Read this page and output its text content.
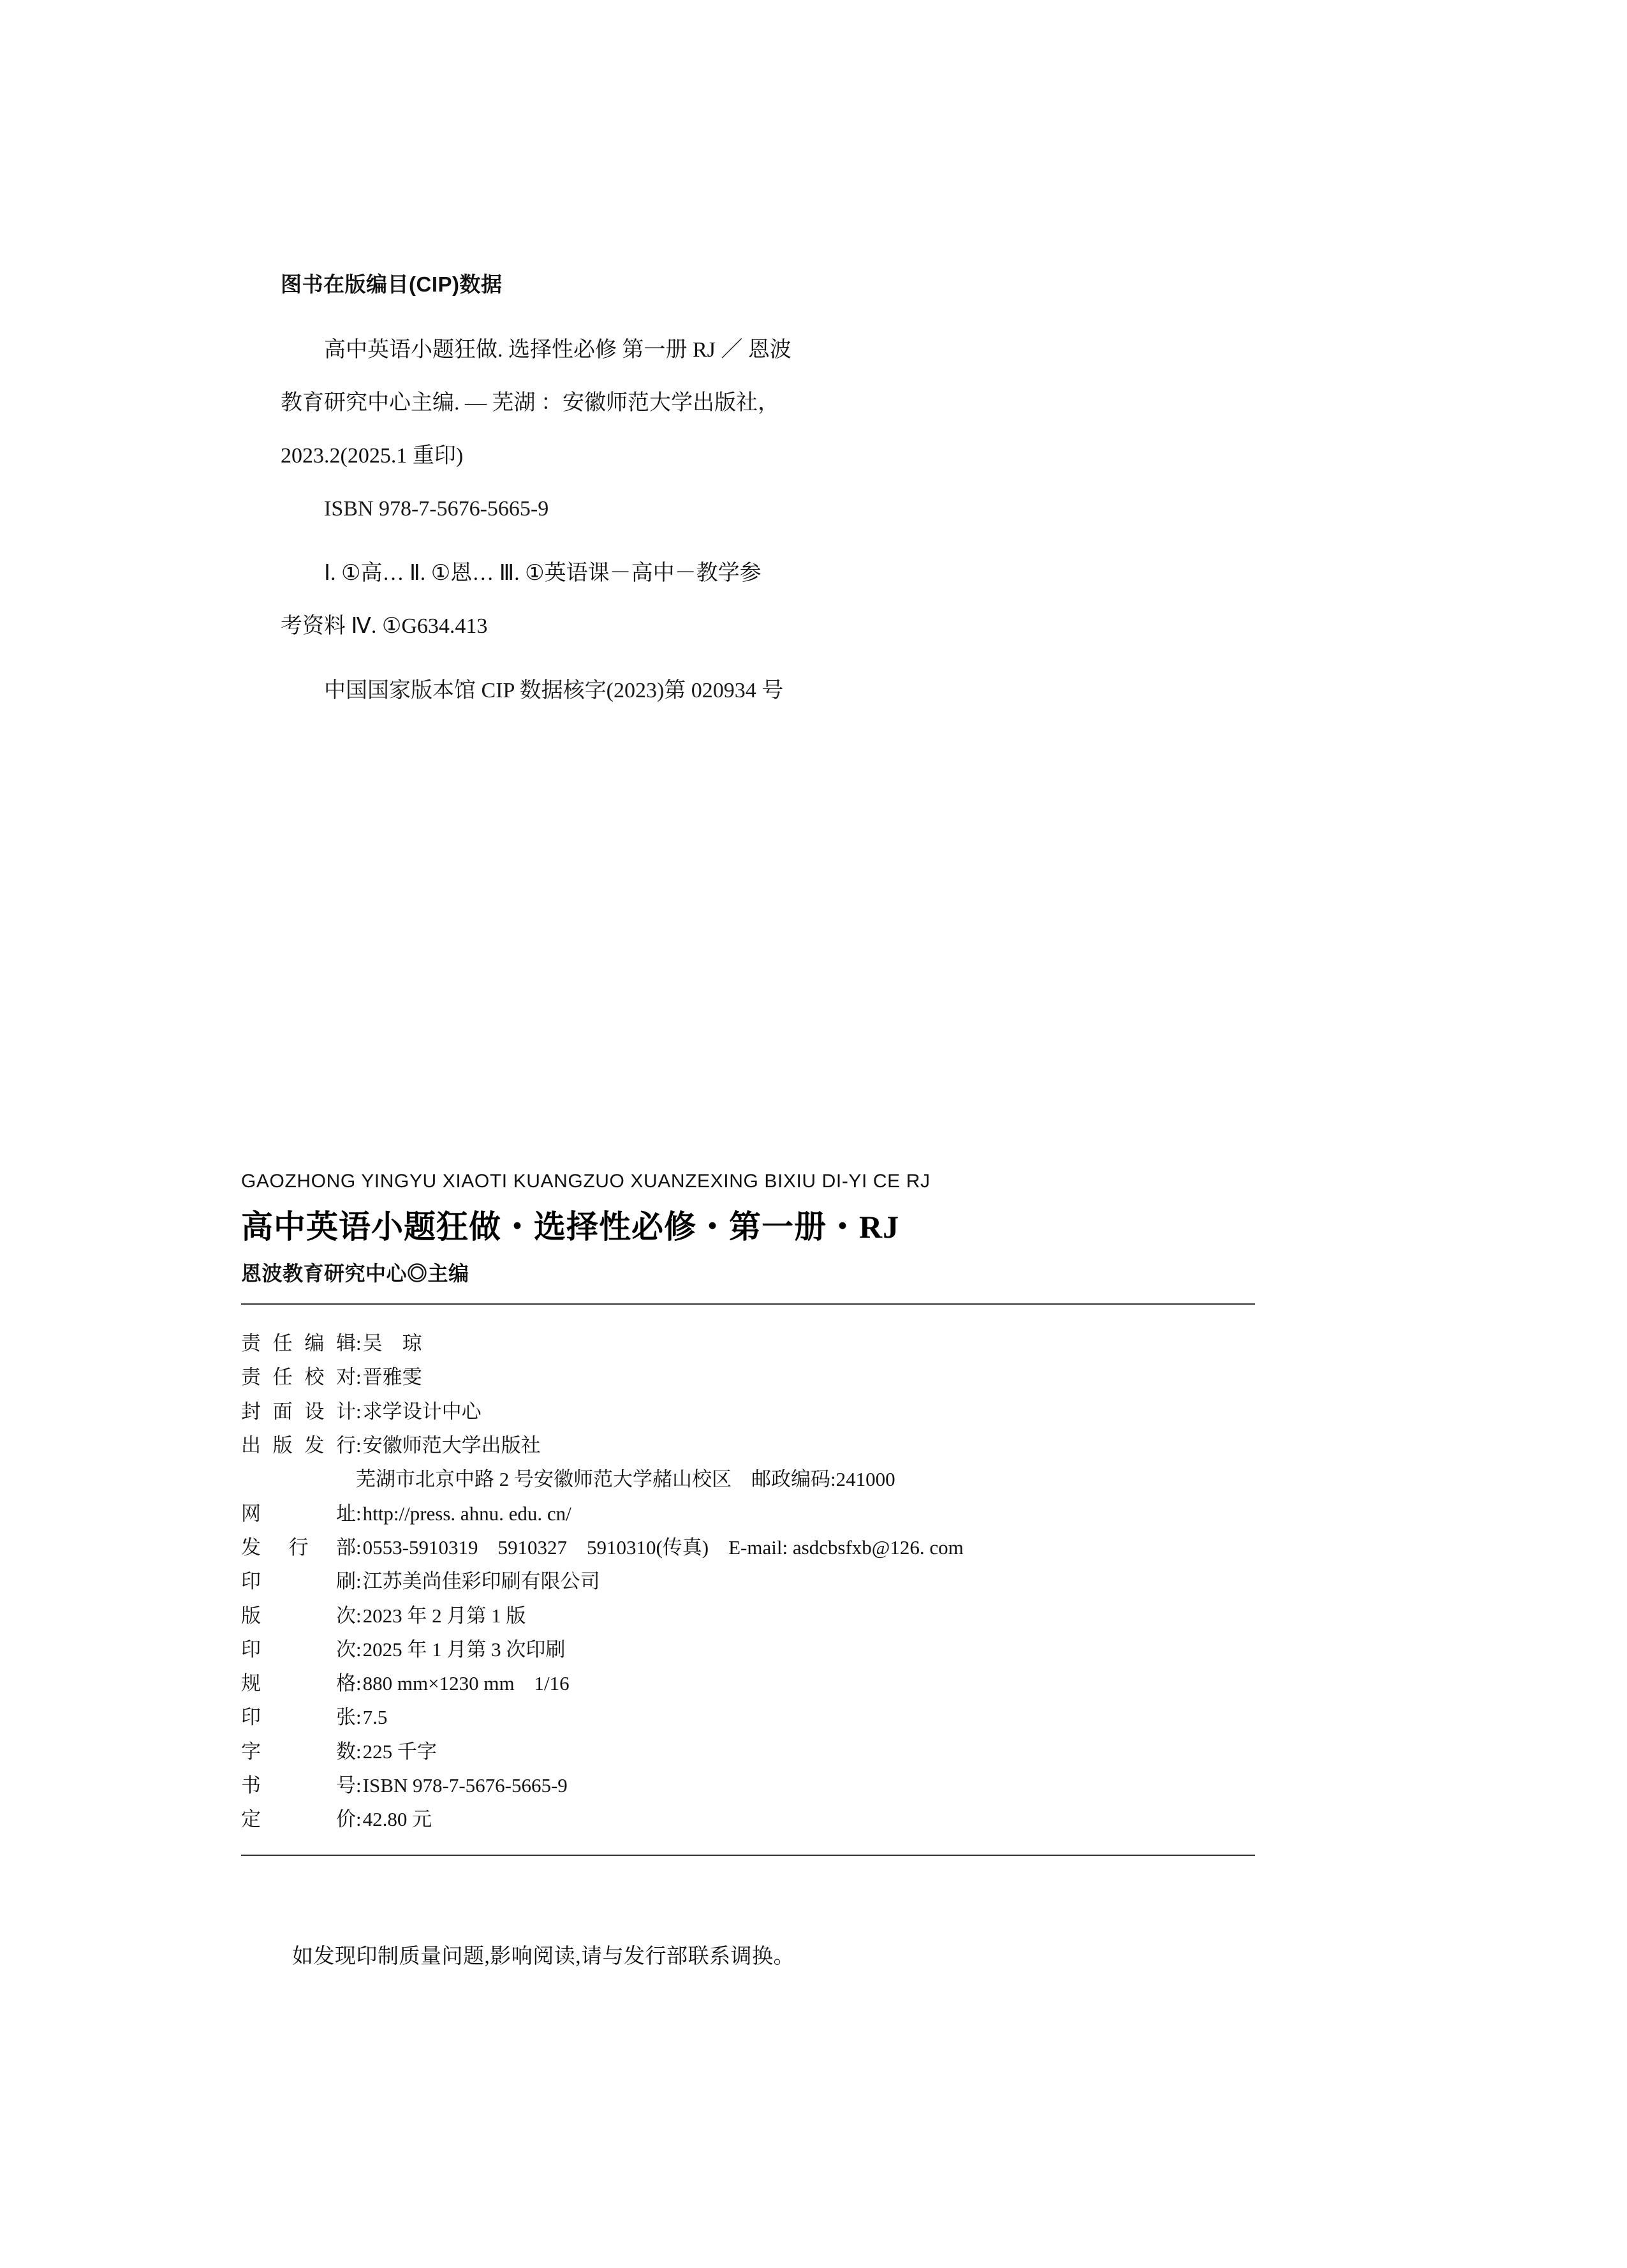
图书在版编目(CIP)数据
高中英语小题狂做. 选择性必修 第一册 RJ ／ 恩波
教育研究中心主编. — 芜湖 ：安徽师范大学出版社，
2023.2(2025.1 重印)
ISBN 978-7-5676-5665-9
Ⅰ. ①高… Ⅱ. ①恩… Ⅲ. ①英语课－高中－教学参
考资料 Ⅳ. ①G634.413
中国国家版本馆 CIP 数据核字(2023)第 020934 号
GAOZHONG YINGYU XIAOTI KUANGZUO XUANZEXING BIXIU DI-YI CE RJ
高中英语小题狂做・选择性必修・第一册・RJ
恩波教育研究中心◎主编
责任编辑 : 吴　琼
责任校对 : 晋雅雯
封面设计 : 求学设计中心
出版发行 : 安徽师范大学出版社
芜湖市北京中路 2 号安徽师范大学赭山校区　邮政编码:241000
网　址 : http://press. ahnu. edu. cn/
发 行 部 : 0553-5910319　5910327　5910310(传真)　E-mail: asdcbsfxb@126. com
印　刷 : 江苏美尚佳彩印刷有限公司
版　次 : 2023 年 2 月第 1 版
印　次 : 2025 年 1 月第 3 次印刷
规　格 : 880 mm×1230 mm　1/16
印　张 : 7.5
字　数 : 225 千字
书　号 : ISBN 978-7-5676-5665-9
定　价 : 42.80 元
如发现印制质量问题,影响阅读,请与发行部联系调换。
